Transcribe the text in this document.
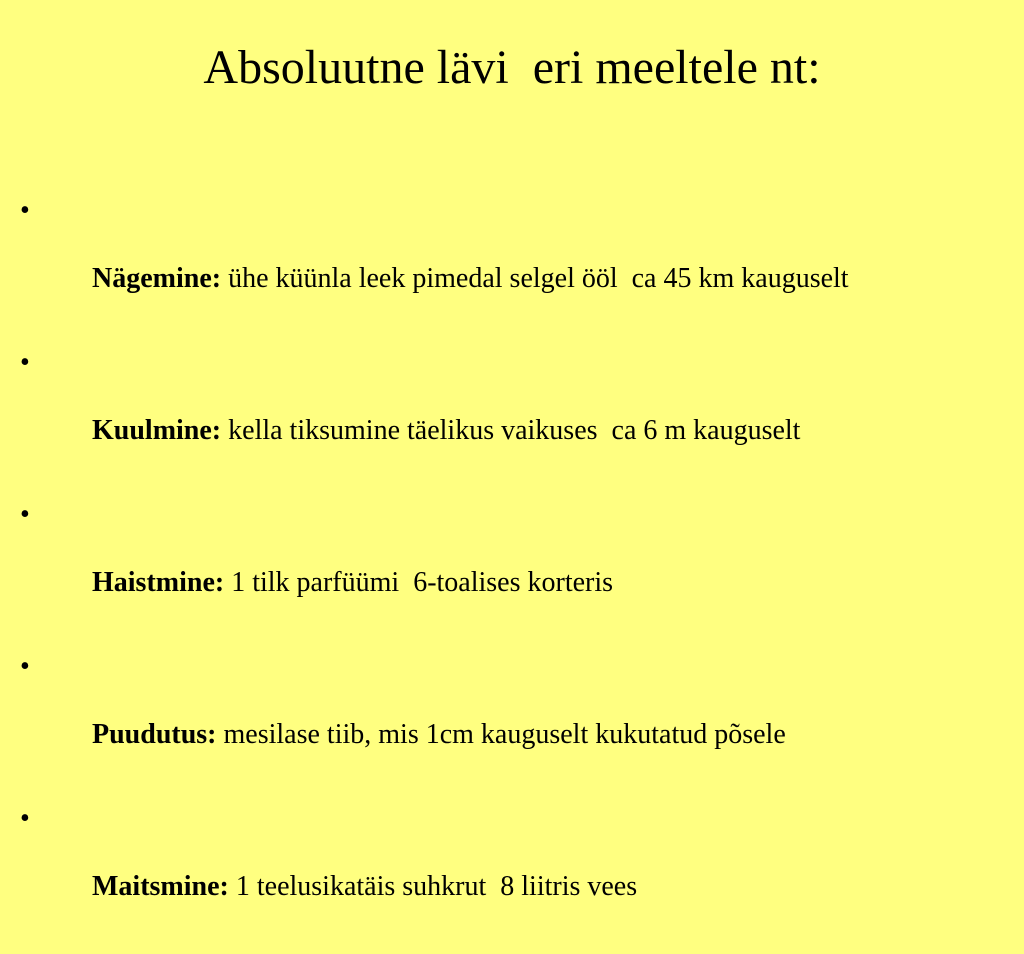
Absoluutne lävi  eri meeltele nt:

•

Nägemine: ühe küünla leek pimedal selgel ööl  ca 45 km kauguselt

•

Kuulmine: kella tiksumine täelikus vaikuses  ca 6 m kauguselt

•

Haistmine: 1 tilk parfüümi  6-toalises korteris

•

Puudutus: mesilase tiib, mis 1cm kauguselt kukutatud põsele

•

Maitsmine: 1 teelusikatäis suhkrut  8 liitris vees
